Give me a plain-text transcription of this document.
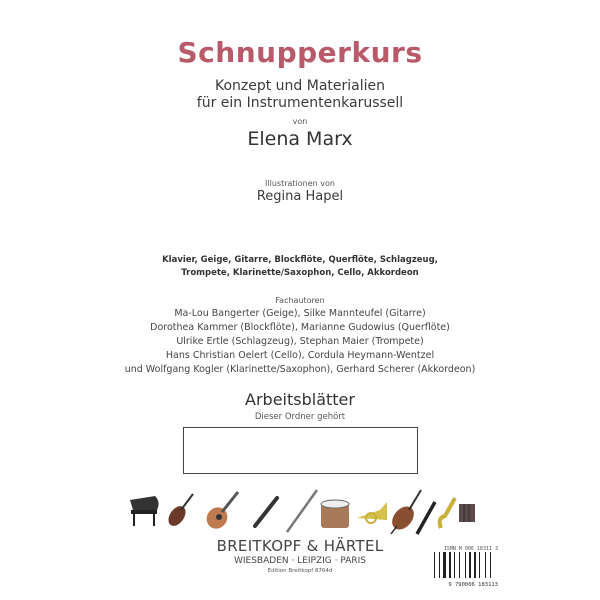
Schnupperkurs
Konzept und Materialien
für ein Instrumentenkarussell
von
Elena Marx
Illustrationen von
Regina Hapel
Klavier, Geige, Gitarre, Blockflöte, Querflöte, Schlagzeug,
Trompete, Klarinette/Saxophon, Cello, Akkordeon
Fachautoren
Ma-Lou Bangerter (Geige), Silke Mannteufel (Gitarre)
Dorothea Kammer (Blockflöte), Marianne Gudowius (Querflöte)
Ulrike Ertle (Schlagzeug), Stephan Maier (Trompete)
Hans Christian Oelert (Cello), Cordula Heymann-Wentzel
und Wolfgang Kogler (Klarinette/Saxophon), Gerhard Scherer (Akkordeon)
Arbeitsblätter
Dieser Ordner gehört
BREITKOPF & HÄRTEL
WIESBADEN · LEIPZIG · PARIS
Edition Breitkopf 8764d
ISMN M 006 18311 3
9 790006 183113
